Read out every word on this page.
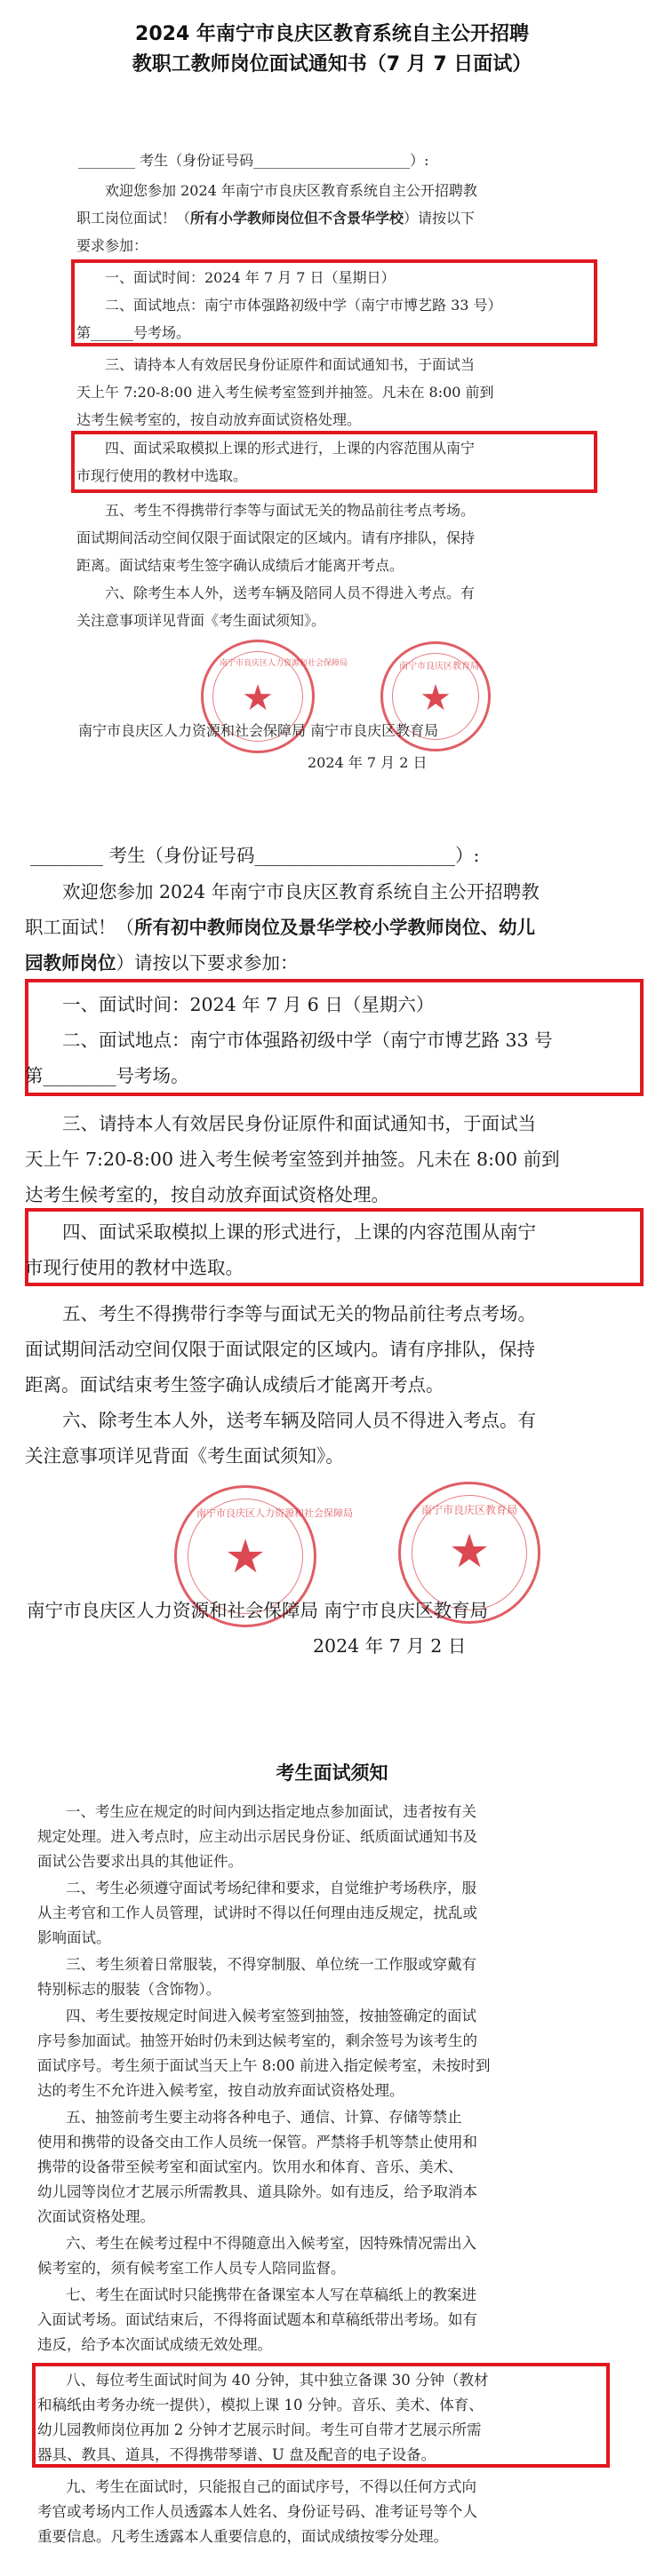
2024 年南宁市良庆区教育系统自主公开招聘
教职工教师岗位面试通知书（7 月 7 日面试）
________ 考生（身份证号码______________________）:
欢迎您参加 2024 年南宁市良庆区教育系统自主公开招聘教
职工岗位面试！（所有小学教师岗位但不含景华学校）请按以下
要求参加：
一、面试时间：2024 年 7 月 7 日（星期日）
二、面试地点：南宁市体强路初级中学（南宁市博艺路 33 号）
第______号考场。
三、请持本人有效居民身份证原件和面试通知书，于面试当
天上午 7:20-8:00 进入考生候考室签到并抽签。凡未在 8:00 前到
达考生候考室的，按自动放弃面试资格处理。
四、面试采取模拟上课的形式进行，上课的内容范围从南宁
市现行使用的教材中选取。
五、考生不得携带行李等与面试无关的物品前往考点考场。
面试期间活动空间仅限于面试限定的区域内。请有序排队，保持
距离。面试结束考生签字确认成绩后才能离开考点。
六、除考生本人外，送考车辆及陪同人员不得进入考点。有
关注意事项详见背面《考生面试须知》。
南宁市良庆区人力资源和社会保障局
★
南宁市良庆区教育局
★
南宁市良庆区人力资源和社会保障局 南宁市良庆区教育局
2024 年 7 月 2 日
________ 考生（身份证号码______________________）:
欢迎您参加 2024 年南宁市良庆区教育系统自主公开招聘教
职工面试！（所有初中教师岗位及景华学校小学教师岗位、幼儿
园教师岗位）请按以下要求参加：
一、面试时间：2024 年 7 月 6 日（星期六）
二、面试地点：南宁市体强路初级中学（南宁市博艺路 33 号
第________号考场。
三、请持本人有效居民身份证原件和面试通知书，于面试当
天上午 7:20-8:00 进入考生候考室签到并抽签。凡未在 8:00 前到
达考生候考室的，按自动放弃面试资格处理。
四、面试采取模拟上课的形式进行，上课的内容范围从南宁
市现行使用的教材中选取。
五、考生不得携带行李等与面试无关的物品前往考点考场。
面试期间活动空间仅限于面试限定的区域内。请有序排队，保持
距离。面试结束考生签字确认成绩后才能离开考点。
六、除考生本人外，送考车辆及陪同人员不得进入考点。有
关注意事项详见背面《考生面试须知》。
南宁市良庆区人力资源和社会保障局
★
南宁市良庆区教育局
★
南宁市良庆区人力资源和社会保障局 南宁市良庆区教育局
2024 年 7 月 2 日
考生面试须知
一、考生应在规定的时间内到达指定地点参加面试，违者按有关
规定处理。进入考点时，应主动出示居民身份证、纸质面试通知书及
面试公告要求出具的其他证件。
二、考生必须遵守面试考场纪律和要求，自觉维护考场秩序，服
从主考官和工作人员管理，试讲时不得以任何理由违反规定，扰乱或
影响面试。
三、考生须着日常服装，不得穿制服、单位统一工作服或穿戴有
特别标志的服装（含饰物）。
四、考生要按规定时间进入候考室签到抽签，按抽签确定的面试
序号参加面试。抽签开始时仍未到达候考室的，剩余签号为该考生的
面试序号。考生须于面试当天上午 8:00 前进入指定候考室，未按时到
达的考生不允许进入候考室，按自动放弃面试资格处理。
五、抽签前考生要主动将各种电子、通信、计算、存储等禁止
使用和携带的设备交由工作人员统一保管。严禁将手机等禁止使用和
携带的设备带至候考室和面试室内。饮用水和体育、音乐、美术、
幼儿园等岗位才艺展示所需教具、道具除外。如有违反，给予取消本
次面试资格处理。
六、考生在候考过程中不得随意出入候考室，因特殊情况需出入
候考室的，须有候考室工作人员专人陪同监督。
七、考生在面试时只能携带在备课室本人写在草稿纸上的教案进
入面试考场。面试结束后，不得将面试题本和草稿纸带出考场。如有
违反，给予本次面试成绩无效处理。
八、每位考生面试时间为 40 分钟，其中独立备课 30 分钟（教材
和稿纸由考务办统一提供），模拟上课 10 分钟。音乐、美术、体育、
幼儿园教师岗位再加 2 分钟才艺展示时间。考生可自带才艺展示所需
器具、教具、道具，不得携带琴谱、U 盘及配音的电子设备。
九、考生在面试时，只能报自己的面试序号，不得以任何方式向
考官或考场内工作人员透露本人姓名、身份证号码、准考证号等个人
重要信息。凡考生透露本人重要信息的，面试成绩按零分处理。
